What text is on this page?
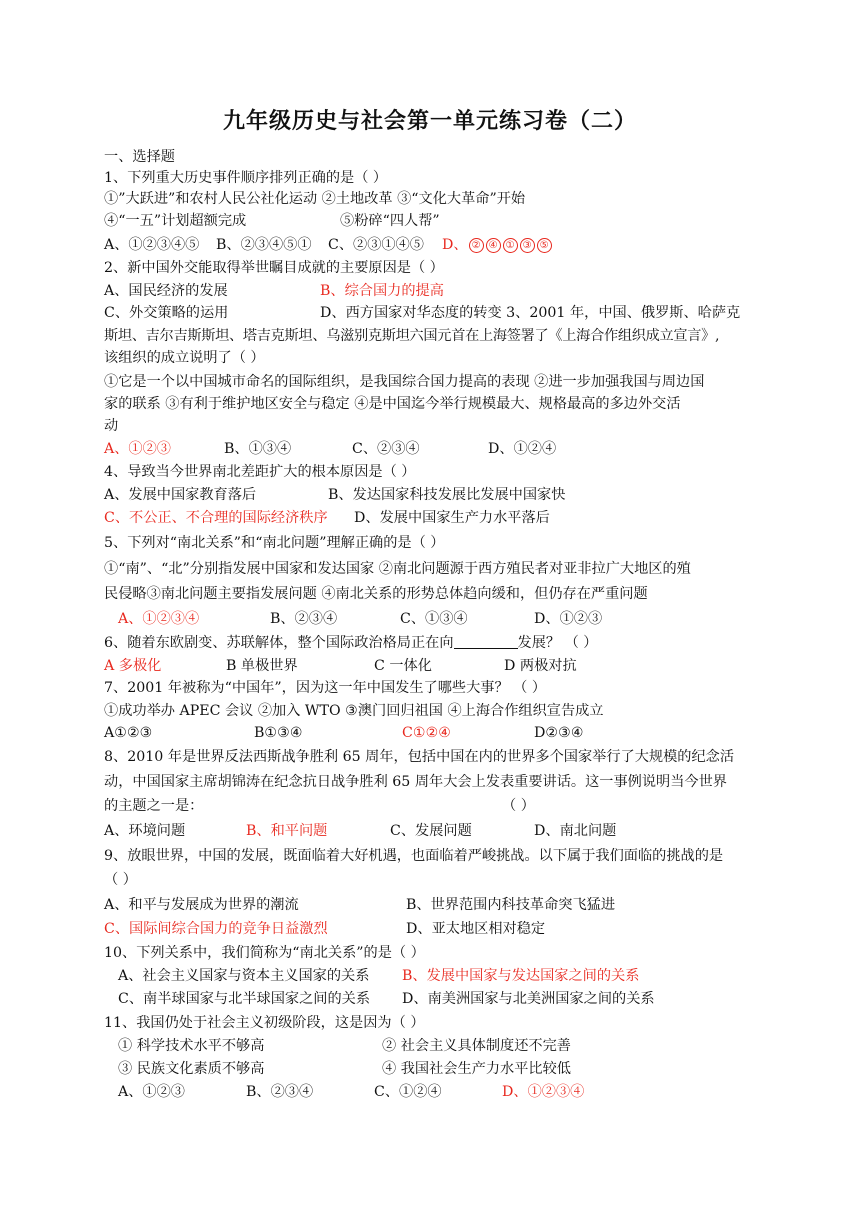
九年级历史与社会第一单元练习卷（二）
一、选择题
1、下列重大历史事件顺序排列正确的是（ ）
①”大跃进”和农村人民公社化运动 ②土地改革 ③“文化大革命”开始
④“一五”计划超额完成	⑤粉碎“四人帮”
A、①②③④⑤ B、②③④⑤① C、②③①④⑤ D、 ② ④ ① ③ ⑤
2、新中国外交能取得举世瞩目成就的主要原因是（ ）
A、国民经济的发展	B、综合国力的提高
C、外交策略的运用	D、西方国家对华态度的转变 3、2001 年，中国、俄罗斯、哈萨克
斯坦、吉尔吉斯斯坦、塔吉克斯坦、乌滋别克斯坦六国元首在上海签署了《上海合作组织成立宣言》,
该组织的成立说明了（ ）
①它是一个以中国城市命名的国际组织，是我国综合国力提高的表现 ②进一步加强我国与周边国
家的联系 ③有利于维护地区安全与稳定 ④是中国迄今举行规模最大、规格最高的多边外交活
动
A、①②③	B、①③④	C、②③④	D、①②④
4、导致当今世界南北差距扩大的根本原因是（ ）
A、发展中国家教育落后	B、发达国家科技发展比发展中国家快
C、不公正、不合理的国际经济秩序 D、发展中国家生产力水平落后
5、下列对“南北关系”和“南北问题”理解正确的是（ ）
①“南”、“北”分别指发展中国家和发达国家 ②南北问题源于西方殖民者对亚非拉广大地区的殖
民侵略③南北问题主要指发展问题 ④南北关系的形势总体趋向缓和，但仍存在严重问题
A、①②③④	B、②③④	C、①③④	D、①②③
6、随着东欧剧变、苏联解体，整个国际政治格局正在向	发展？ （ ）
A 多极化	B 单极世界	C 一体化	D 两极对抗
7、2001 年被称为“中国年”，因为这一年中国发生了哪些大事？ （ ）
①成功举办 APEC 会议 ②加入 WTO ③澳门回归祖国 ④上海合作组织宣告成立
A①②③	B①③④	C①②④	D②③④
8、2010 年是世界反法西斯战争胜利 65 周年，包括中国在内的世界多个国家举行了大规模的纪念活
动，中国国家主席胡锦涛在纪念抗日战争胜利 65 周年大会上发表重要讲话。这一事例说明当今世界
的主题之一是：	（ ）
A、环境问题	B、和平问题	C、发展问题	D、南北问题
9、放眼世界，中国的发展，既面临着大好机遇，也面临着严峻挑战。以下属于我们面临的挑战的是
（ ）
A、和平与发展成为世界的潮流	B、世界范围内科技革命突飞猛进
C、国际间综合国力的竞争日益激烈	D、亚太地区相对稳定
10、下列关系中，我们简称为“南北关系”的是（ ）
A、社会主义国家与资本主义国家的关系 B、发展中国家与发达国家之间的关系
C、南半球国家与北半球国家之间的关系 D、南美洲国家与北美洲国家之间的关系
11、我国仍处于社会主义初级阶段，这是因为（ ）
① 科学技术水平不够高	② 社会主义具体制度还不完善
③ 民族文化素质不够高	④ 我国社会生产力水平比较低
A、①②③	B、②③④	C、①②④	D、①②③④
